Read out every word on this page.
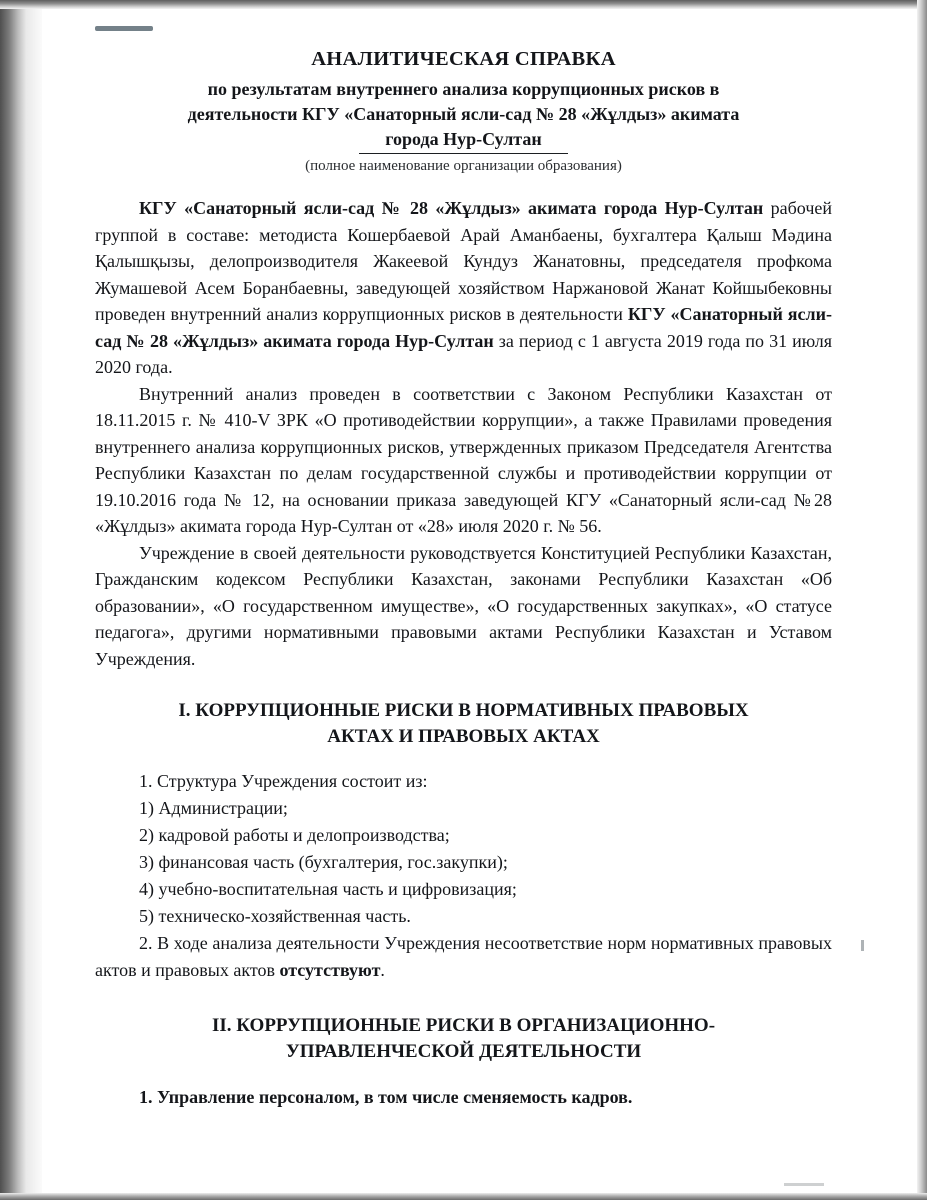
АНАЛИТИЧЕСКАЯ СПРАВКА
по результатам внутреннего анализа коррупционных рисков в
деятельности КГУ «Санаторный ясли-сад № 28 «Жұлдыз» акимата
города Нур-Султан
(полное наименование организации образования)

КГУ «Санаторный ясли-сад № 28 «Жұлдыз» акимата города Нур-Султан рабочей группой в составе: методиста Кошербаевой Арай Аманбаены, бухгалтера Қалыш Мәдина Қалышқызы, делопроизводителя Жакеевой Кундуз Жанатовны, председателя профкома Жумашевой Асем Боранбаевны, заведующей хозяйством Наржановой Жанат Койшыбековны проведен внутренний анализ коррупционных рисков в деятельности КГУ «Санаторный ясли-сад № 28 «Жұлдыз» акимата города Нур-Султан за период с 1 августа 2019 года по 31 июля 2020 года.

Внутренний анализ проведен в соответствии с Законом Республики Казахстан от 18.11.2015 г. № 410-V ЗРК «О противодействии коррупции», а также Правилами проведения внутреннего анализа коррупционных рисков, утвержденных приказом Председателя Агентства Республики Казахстан по делам государственной службы и противодействии коррупции от 19.10.2016 года № 12, на основании приказа заведующей КГУ «Санаторный ясли-сад №28 «Жұлдыз» акимата города Нур-Султан от «28» июля 2020 г. № 56.

Учреждение в своей деятельности руководствуется Конституцией Республики Казахстан, Гражданским кодексом Республики Казахстан, законами Республики Казахстан «Об образовании», «О государственном имуществе», «О государственных закупках», «О статусе педагога», другими нормативными правовыми актами Республики Казахстан и Уставом Учреждения.

I. КОРРУПЦИОННЫЕ РИСКИ В НОРМАТИВНЫХ ПРАВОВЫХ
АКТАХ И ПРАВОВЫХ АКТАХ
1. Структура Учреждения состоит из:
1) Администрации;
2) кадровой работы и делопроизводства;
3) финансовая часть (бухгалтерия, гос.закупки);
4) учебно-воспитательная часть и цифровизация;
5) техническо-хозяйственная часть.

2. В ходе анализа деятельности Учреждения несоответствие норм нормативных правовых актов и правовых актов отсутствуют.

II. КОРРУПЦИОННЫЕ РИСКИ В ОРГАНИЗАЦИОННО-
УПРАВЛЕНЧЕСКОЙ ДЕЯТЕЛЬНОСТИ

1. Управление персоналом, в том числе сменяемость кадров.
